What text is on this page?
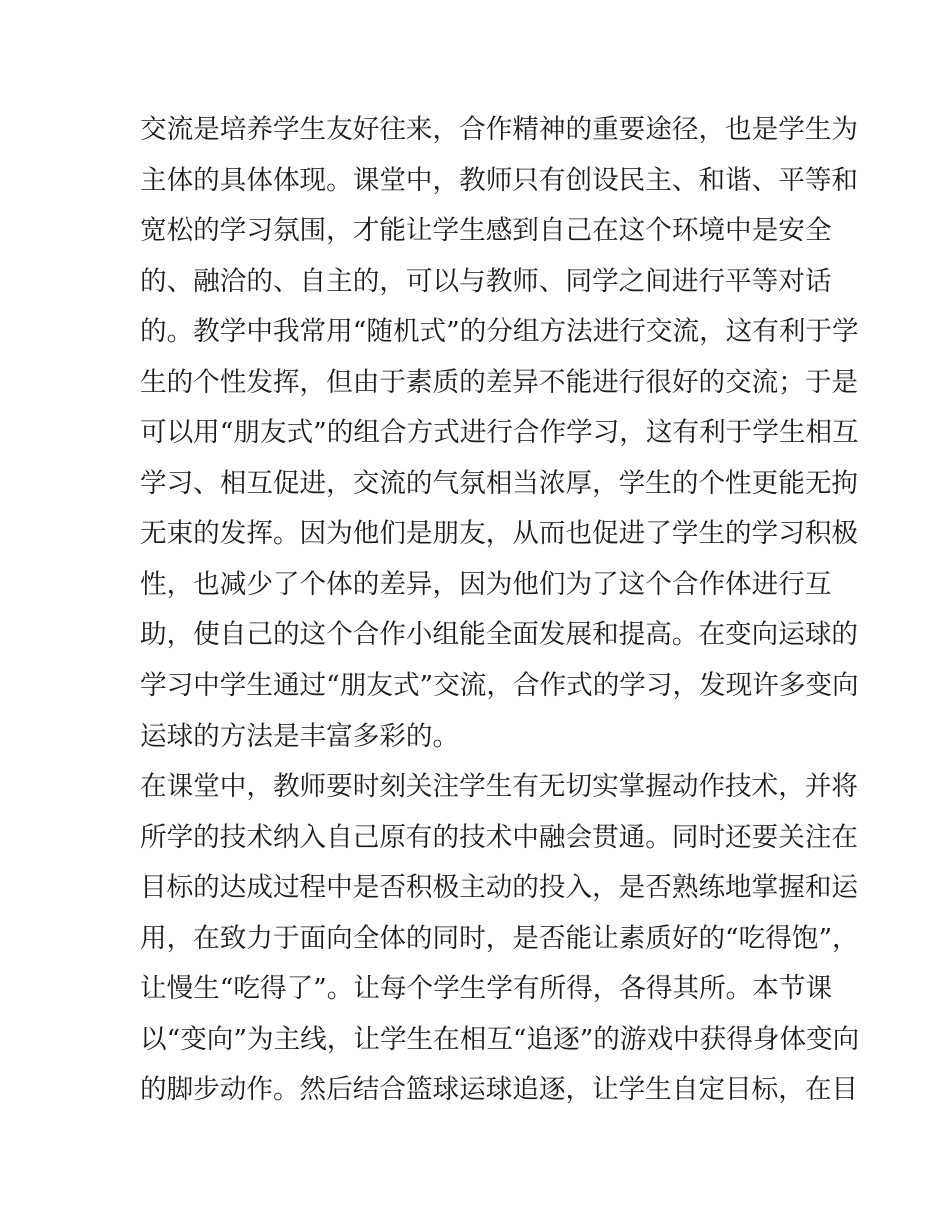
交流是培养学生友好往来，合作精神的重要途径，也是学生为
主体的具体体现。课堂中，教师只有创设民主、和谐、平等和
宽松的学习氛围，才能让学生感到自己在这个环境中是安全
的、融洽的、自主的，可以与教师、同学之间进行平等对话
的。教学中我常用“随机式”的分组方法进行交流，这有利于学
生的个性发挥，但由于素质的差异不能进行很好的交流；于是
可以用“朋友式”的组合方式进行合作学习，这有利于学生相互
学习、相互促进，交流的气氛相当浓厚，学生的个性更能无拘
无束的发挥。因为他们是朋友，从而也促进了学生的学习积极
性，也减少了个体的差异，因为他们为了这个合作体进行互
助，使自己的这个合作小组能全面发展和提高。在变向运球的
学习中学生通过“朋友式”交流，合作式的学习，发现许多变向
运球的方法是丰富多彩的。
在课堂中，教师要时刻关注学生有无切实掌握动作技术，并将
所学的技术纳入自己原有的技术中融会贯通。同时还要关注在
目标的达成过程中是否积极主动的投入，是否熟练地掌握和运
用，在致力于面向全体的同时，是否能让素质好的“吃得饱”，
让慢生“吃得了”。让每个学生学有所得，各得其所。本节课
以“变向”为主线，让学生在相互“追逐”的游戏中获得身体变向
的脚步动作。然后结合篮球运球追逐，让学生自定目标，在目
